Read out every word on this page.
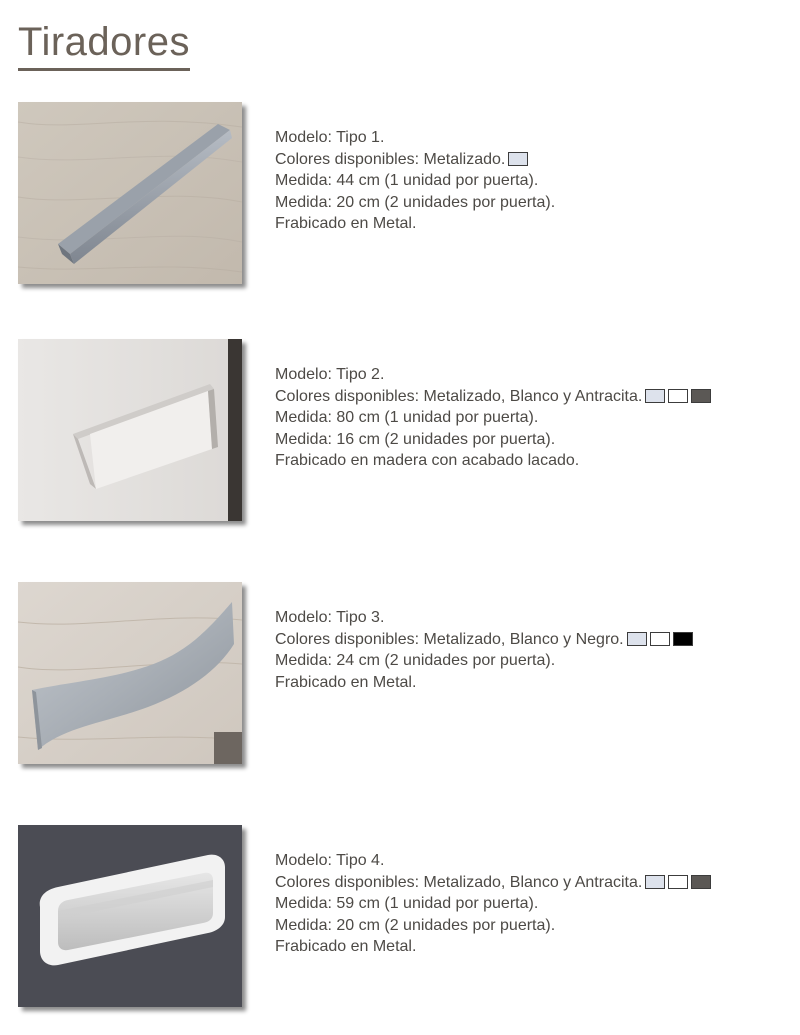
Tiradores
Modelo: Tipo 1.
Colores disponibles: Metalizado.
Medida: 44 cm (1 unidad por puerta).
Medida: 20 cm (2 unidades por puerta).
Frabicado en Metal.
Modelo: Tipo 2.
Colores disponibles: Metalizado, Blanco y Antracita.
Medida: 80 cm (1 unidad por puerta).
Medida: 16 cm (2 unidades por puerta).
Frabicado en madera con acabado lacado.
Modelo: Tipo 3.
Colores disponibles: Metalizado, Blanco y Negro.
Medida: 24 cm (2 unidades por puerta).
Frabicado en Metal.
Modelo: Tipo 4.
Colores disponibles: Metalizado, Blanco y Antracita.
Medida: 59 cm (1 unidad por puerta).
Medida: 20 cm (2 unidades por puerta).
Frabicado en Metal.
